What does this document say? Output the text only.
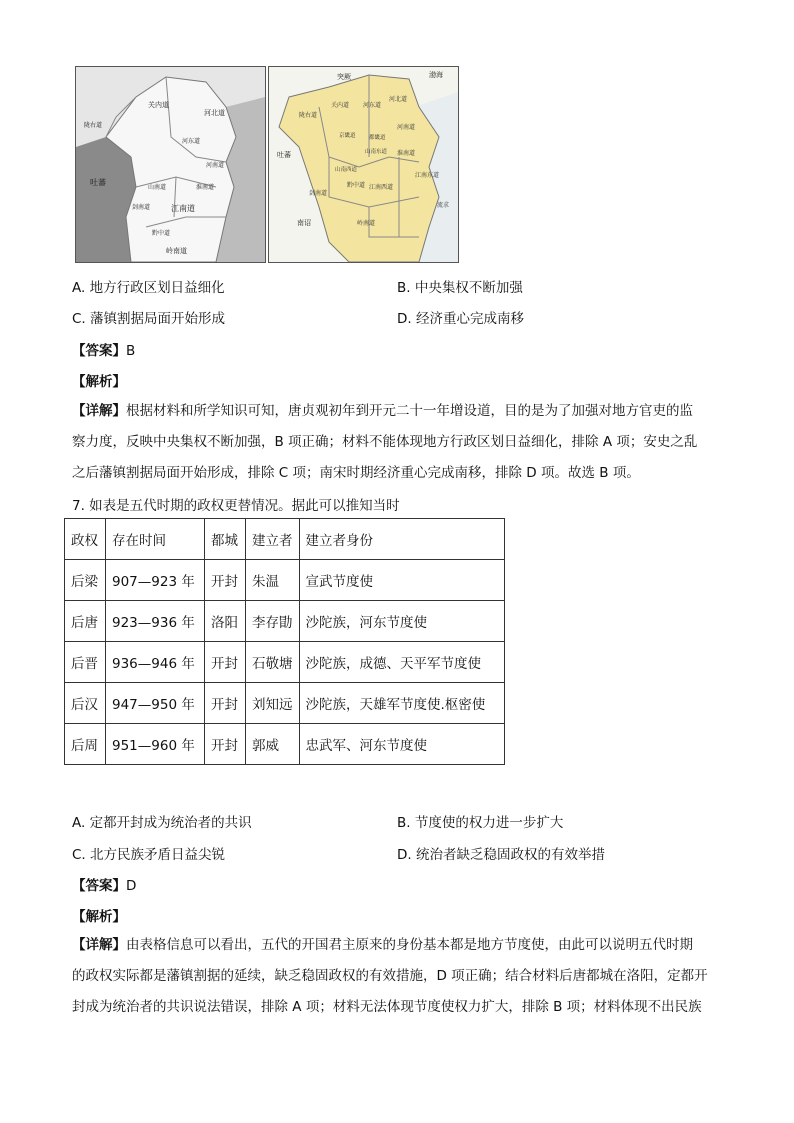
关内道
河北道
陇右道
河东道
吐蕃
河南道
山南道
剑南道	江南道
黔中道
淮南道
岭南道
突厥	渤海
吐蕃
陇右道
关内道 河东道
河北道
京畿道 都畿道
河南道
山南西道
山南东道 淮南道
剑南道
黔中道 江南西道
江南东道
岭南道
南诏
流求
A. 地方行政区划日益细化	B. 中央集权不断加强
C. 藩镇割据局面开始形成	D. 经济重心完成南移
【答案】B
【解析】
【详解】根据材料和所学知识可知，唐贞观初年到开元二十一年增设道，目的是为了加强对地方官吏的监
察力度，反映中央集权不断加强，B 项正确；材料不能体现地方行政区划日益细化，排除 A 项；安史之乱
之后藩镇割据局面开始形成，排除 C 项；南宋时期经济重心完成南移，排除 D 项。故选 B 项。
7. 如表是五代时期的政权更替情况。据此可以推知当时
政权	存在时间	都城	建立者	建立者身份
后梁	907—923 年	开封	朱温	宣武节度使
后唐	923—936 年	洛阳	李存勖	沙陀族，河东节度使
后晋	936—946 年	开封	石敬塘	沙陀族，成德、天平军节度使
后汉	947—950 年	开封	刘知远	沙陀族，天雄军节度使.枢密使
后周	951—960 年	开封	郭威	忠武军、河东节度使
A. 定都开封成为统治者的共识	B. 节度使的权力进一步扩大
C. 北方民族矛盾日益尖锐	D. 统治者缺乏稳固政权的有效举措
【答案】D
【解析】
【详解】由表格信息可以看出，五代的开国君主原来的身份基本都是地方节度使，由此可以说明五代时期
的政权实际都是藩镇割据的延续，缺乏稳固政权的有效措施，D 项正确；结合材料后唐都城在洛阳，定都开
封成为统治者的共识说法错误，排除 A 项；材料无法体现节度使权力扩大，排除 B 项；材料体现不出民族
